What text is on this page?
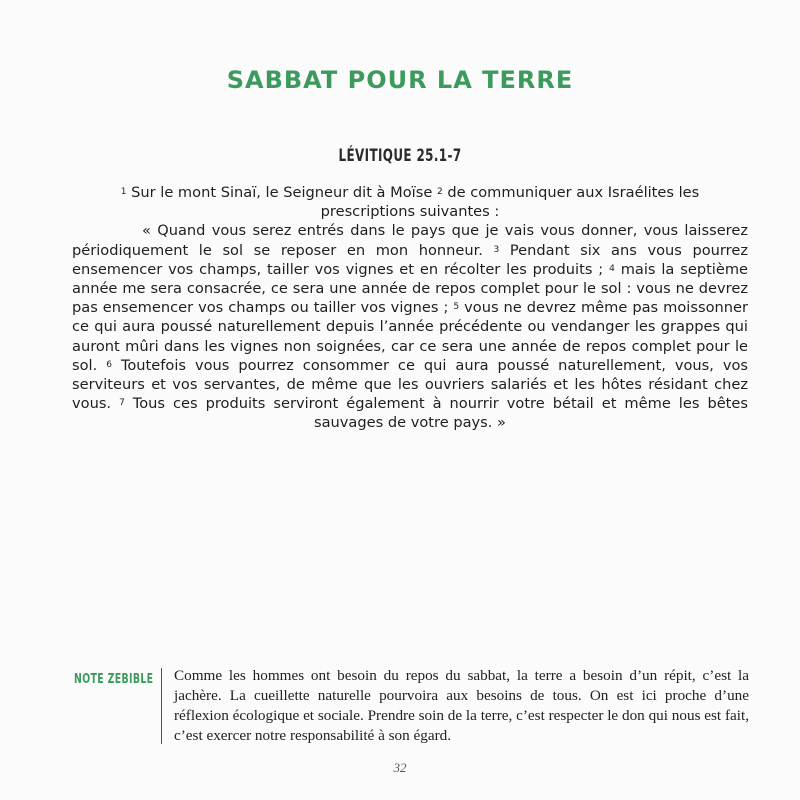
SABBAT POUR LA TERRE
LÉVITIQUE 25.1-7
$^1$ Sur le mont Sinaï, le Seigneur dit à Moïse $^2$ de communiquer aux Israélites les prescriptions suivantes :
« Quand vous serez entrés dans le pays que je vais vous donner, vous laisserez périodiquement le sol se reposer en mon honneur. $^3$ Pendant six ans vous pourrez ensemencer vos champs, tailler vos vignes et en récolter les produits ; $^4$ mais la septième année me sera consacrée, ce sera une année de repos complet pour le sol : vous ne devrez pas ensemencer vos champs ou tailler vos vignes ; $^5$ vous ne devrez même pas moissonner ce qui aura poussé naturellement depuis l’année précédente ou vendanger les grappes qui auront mûri dans les vignes non soignées, car ce sera une année de repos complet pour le sol. $^6$ Toutefois vous pourrez consommer ce qui aura poussé naturellement, vous, vos serviteurs et vos servantes, de même que les ouvriers salariés et les hôtes résidant chez vous. $^7$ Tous ces produits serviront également à nourrir votre bétail et même les bêtes sauvages de votre pays. »
NOTE ZEBIBLE Comme les hommes ont besoin du repos du sabbat, la terre a besoin d’un répit, c’est la jachère. La cueillette naturelle pourvoira aux besoins de tous. On est ici proche d’une réflexion écologique et sociale. Prendre soin de la terre, c’est respecter le don qui nous est fait, c’est exercer notre responsabilité à son égard.
32
